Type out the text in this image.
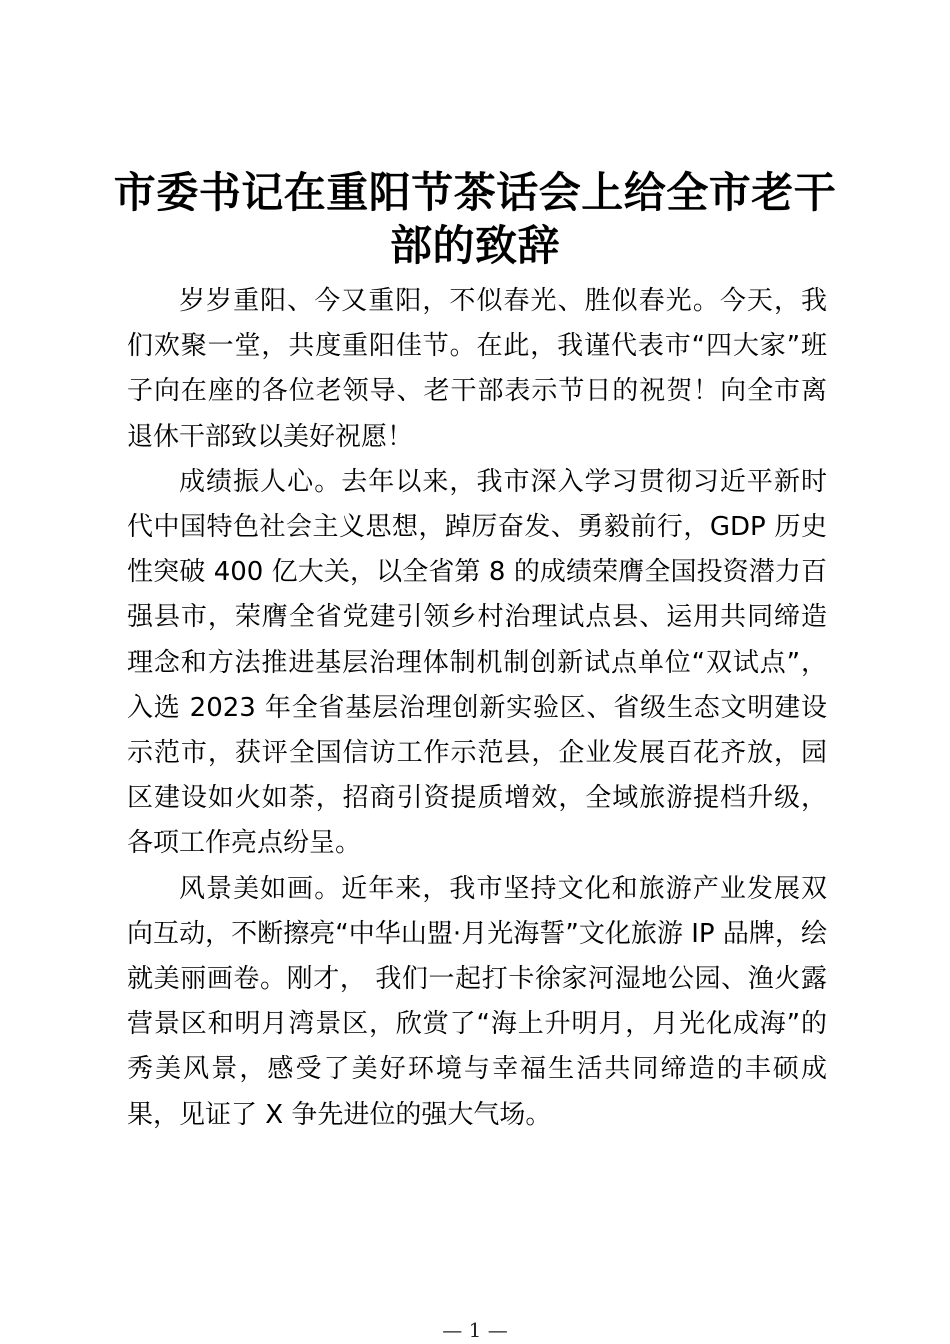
市委书记在重阳节茶话会上给全市老干部的致辞

岁岁重阳、今又重阳，不似春光、胜似春光。今天，我们欢聚一堂，共度重阳佳节。在此，我谨代表市“四大家”班子向在座的各位老领导、老干部表示节日的祝贺！向全市离退休干部致以美好祝愿！

成绩振人心。去年以来，我市深入学习贯彻习近平新时代中国特色社会主义思想，踔厉奋发、勇毅前行，GDP 历史性突破 400 亿大关，以全省第 8 的成绩荣膺全国投资潜力百强县市，荣膺全省党建引领乡村治理试点县、运用共同缔造理念和方法推进基层治理体制机制创新试点单位“双试点”，入选 2023 年全省基层治理创新实验区、省级生态文明建设示范市，获评全国信访工作示范县，企业发展百花齐放，园区建设如火如荼，招商引资提质增效，全域旅游提档升级，各项工作亮点纷呈。

风景美如画。近年来，我市坚持文化和旅游产业发展双向互动，不断擦亮“中华山盟·月光海誓”文化旅游 IP 品牌，绘就美丽画卷。刚才， 我们一起打卡徐家河湿地公园、渔火露营景区和明月湾景区，欣赏了“海上升明月，月光化成海”的秀美风景，感受了美好环境与幸福生活共同缔造的丰硕成果，见证了 X 争先进位的强大气场。

— 1 —
